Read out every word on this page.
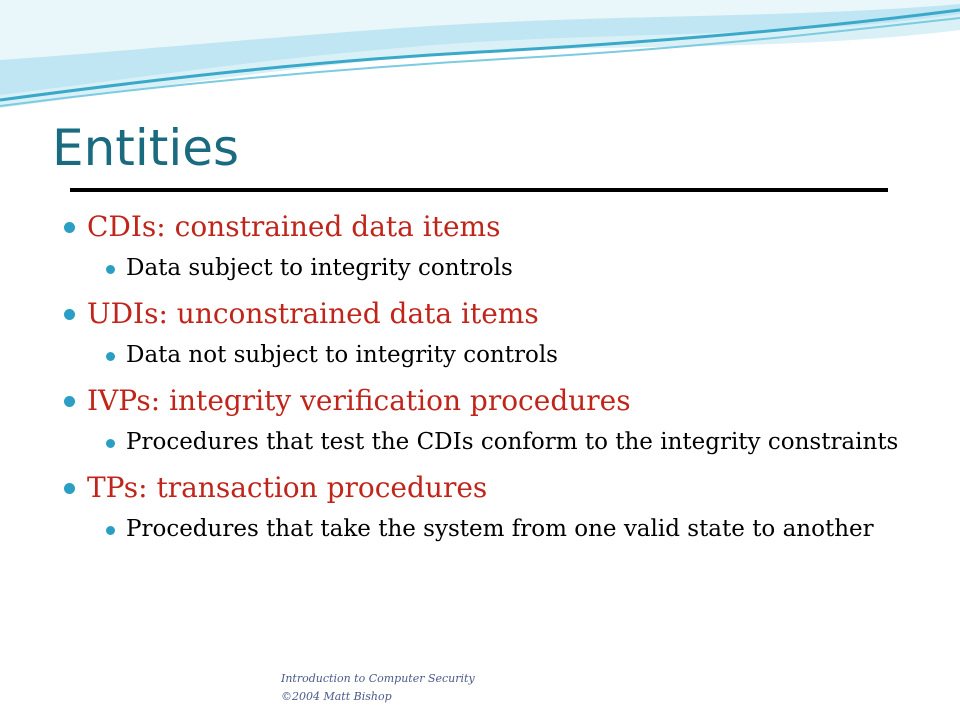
Entities
CDIs: constrained data items
Data subject to integrity controls
UDIs: unconstrained data items
Data not subject to integrity controls
IVPs: integrity verification procedures
Procedures that test the CDIs conform to the integrity constraints
TPs: transaction procedures
Procedures that take the system from one valid state to another
Introduction to Computer Security
©2004 Matt Bishop
